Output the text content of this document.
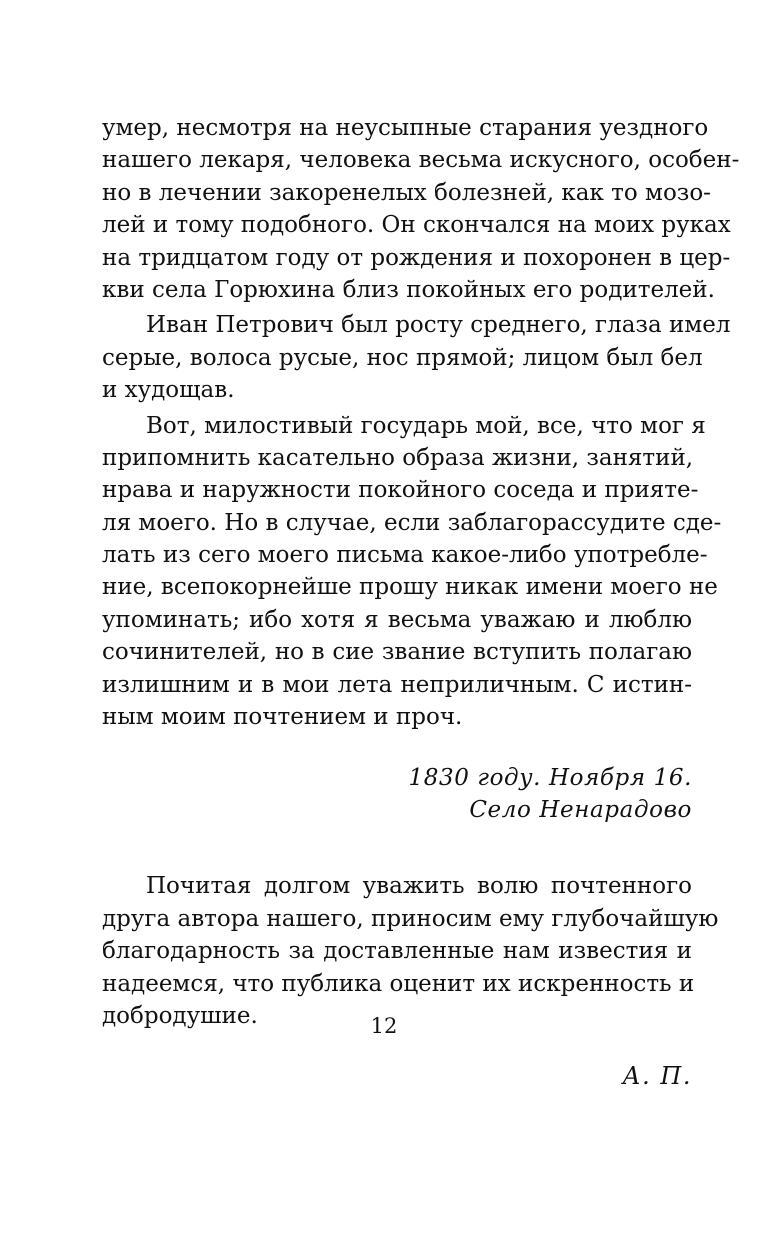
умер, несмотря на неусыпные старания уездного
нашего лекаря, человека весьма искусного, особен-
но в лечении закоренелых болезней, как то мозо-
лей и тому подобного. Он скончался на моих руках
на тридцатом году от рождения и похоронен в цер-
кви села Горюхина близ покойных его родителей.
Иван Петрович был росту среднего, глаза имел
серые, волоса русые, нос прямой; лицом был бел
и худощав.
Вот, милостивый государь мой, все, что мог я
припомнить касательно образа жизни, занятий,
нрава и наружности покойного соседа и прияте-
ля моего. Но в случае, если заблагорассудите сде-
лать из сего моего письма какое-либо употребле-
ние, всепокорнейше прошу никак имени моего не
упоминать; ибо хотя я весьма уважаю и люблю
сочинителей, но в сие звание вступить полагаю
излишним и в мои лета неприличным. С истин-
ным моим почтением и проч.
1830 году. Ноября 16.
Село Ненарадово
Почитая долгом уважить волю почтенного
друга автора нашего, приносим ему глубочайшую
благодарность за доставленные нам известия и
надеемся, что публика оценит их искренность и
добродушие.
А. П.
12
